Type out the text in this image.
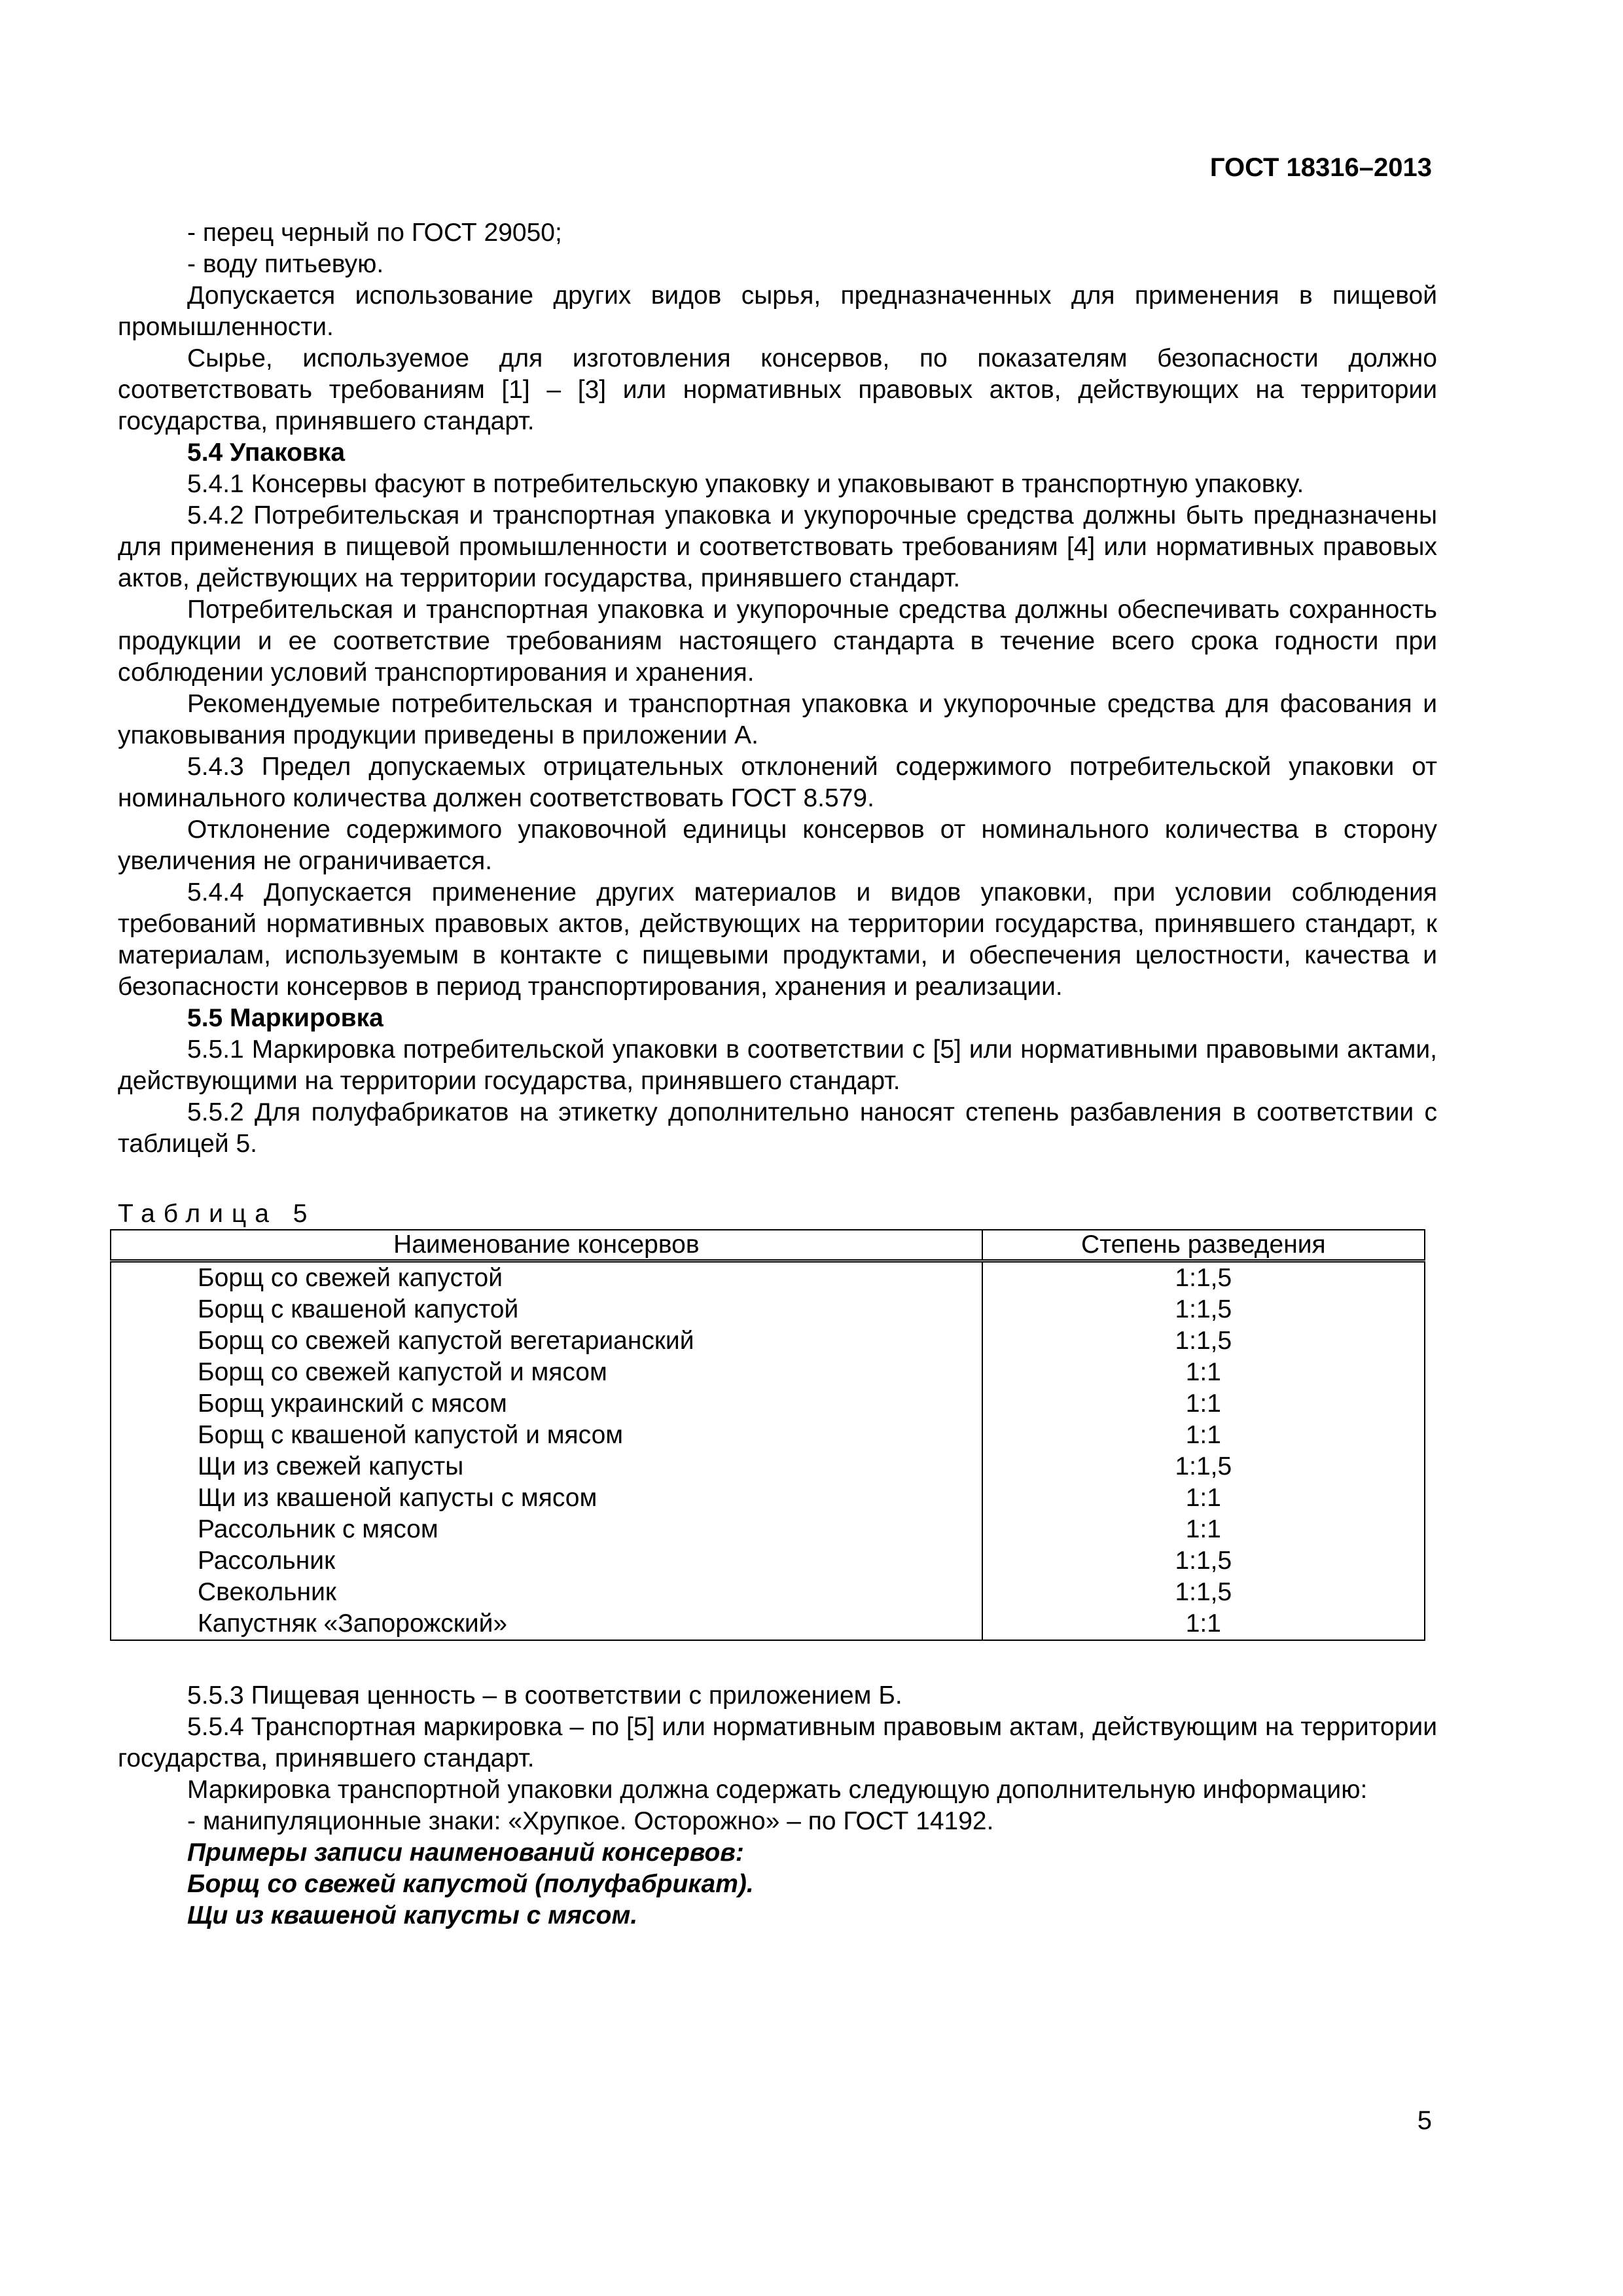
ГОСТ 18316–2013

- перец черный по ГОСТ 29050;

- воду питьевую.

Допускается использование других видов сырья, предназначенных для применения в пищевой промышленности.

Сырье, используемое для изготовления консервов, по показателям безопасности должно соответствовать требованиям [1] – [3] или нормативных правовых актов, действующих на территории государства, принявшего стандарт.

5.4 Упаковка

5.4.1 Консервы фасуют в потребительскую упаковку и упаковывают в транспортную упаковку.

5.4.2 Потребительская и транспортная упаковка и укупорочные средства должны быть предназначены для применения в пищевой промышленности и соответствовать требованиям [4] или нормативных правовых актов, действующих на территории государства, принявшего стандарт.

Потребительская и транспортная упаковка и укупорочные средства должны обеспечивать сохранность продукции и ее соответствие требованиям настоящего стандарта в течение всего срока годности при соблюдении условий транспортирования и хранения.

Рекомендуемые потребительская и транспортная упаковка и укупорочные средства для фасования и упаковывания продукции приведены в приложении А.

5.4.3 Предел допускаемых отрицательных отклонений содержимого потребительской упаковки от номинального количества должен соответствовать ГОСТ 8.579.

Отклонение содержимого упаковочной единицы консервов от номинального количества в сторону увеличения не ограничивается.

5.4.4 Допускается применение других материалов и видов упаковки, при условии соблюдения требований нормативных правовых актов, действующих на территории государства, принявшего стандарт, к материалам, используемым в контакте с пищевыми продуктами, и обеспечения целостности, качества и безопасности консервов в период транспортирования, хранения и реализации.

5.5 Маркировка

5.5.1 Маркировка потребительской упаковки в соответствии с [5] или нормативными правовыми актами, действующими на территории государства, принявшего стандарт.

5.5.2 Для полуфабрикатов на этикетку дополнительно наносят степень разбавления в соответствии с таблицей 5.

Таблица 5

Наименование консервов	Степень разведения
Борщ со свежей капустой	1:1,5
Борщ с квашеной капустой	1:1,5
Борщ со свежей капустой вегетарианский	1:1,5
Борщ со свежей капустой и мясом	1:1
Борщ украинский с мясом	1:1
Борщ с квашеной капустой и мясом	1:1
Щи из свежей капусты	1:1,5
Щи из квашеной капусты с мясом	1:1
Рассольник с мясом	1:1
Рассольник	1:1,5
Свекольник	1:1,5
Капустняк «Запорожский»	1:1

5.5.3 Пищевая ценность – в соответствии с приложением Б.

5.5.4 Транспортная маркировка – по [5] или нормативным правовым актам, действующим на территории государства, принявшего стандарт.

Маркировка транспортной упаковки должна содержать следующую дополнительную информацию:

- манипуляционные знаки: «Хрупкое. Осторожно» – по ГОСТ 14192.

Примеры записи наименований консервов:

Борщ со свежей капустой (полуфабрикат).

Щи из квашеной капусты с мясом.

5
